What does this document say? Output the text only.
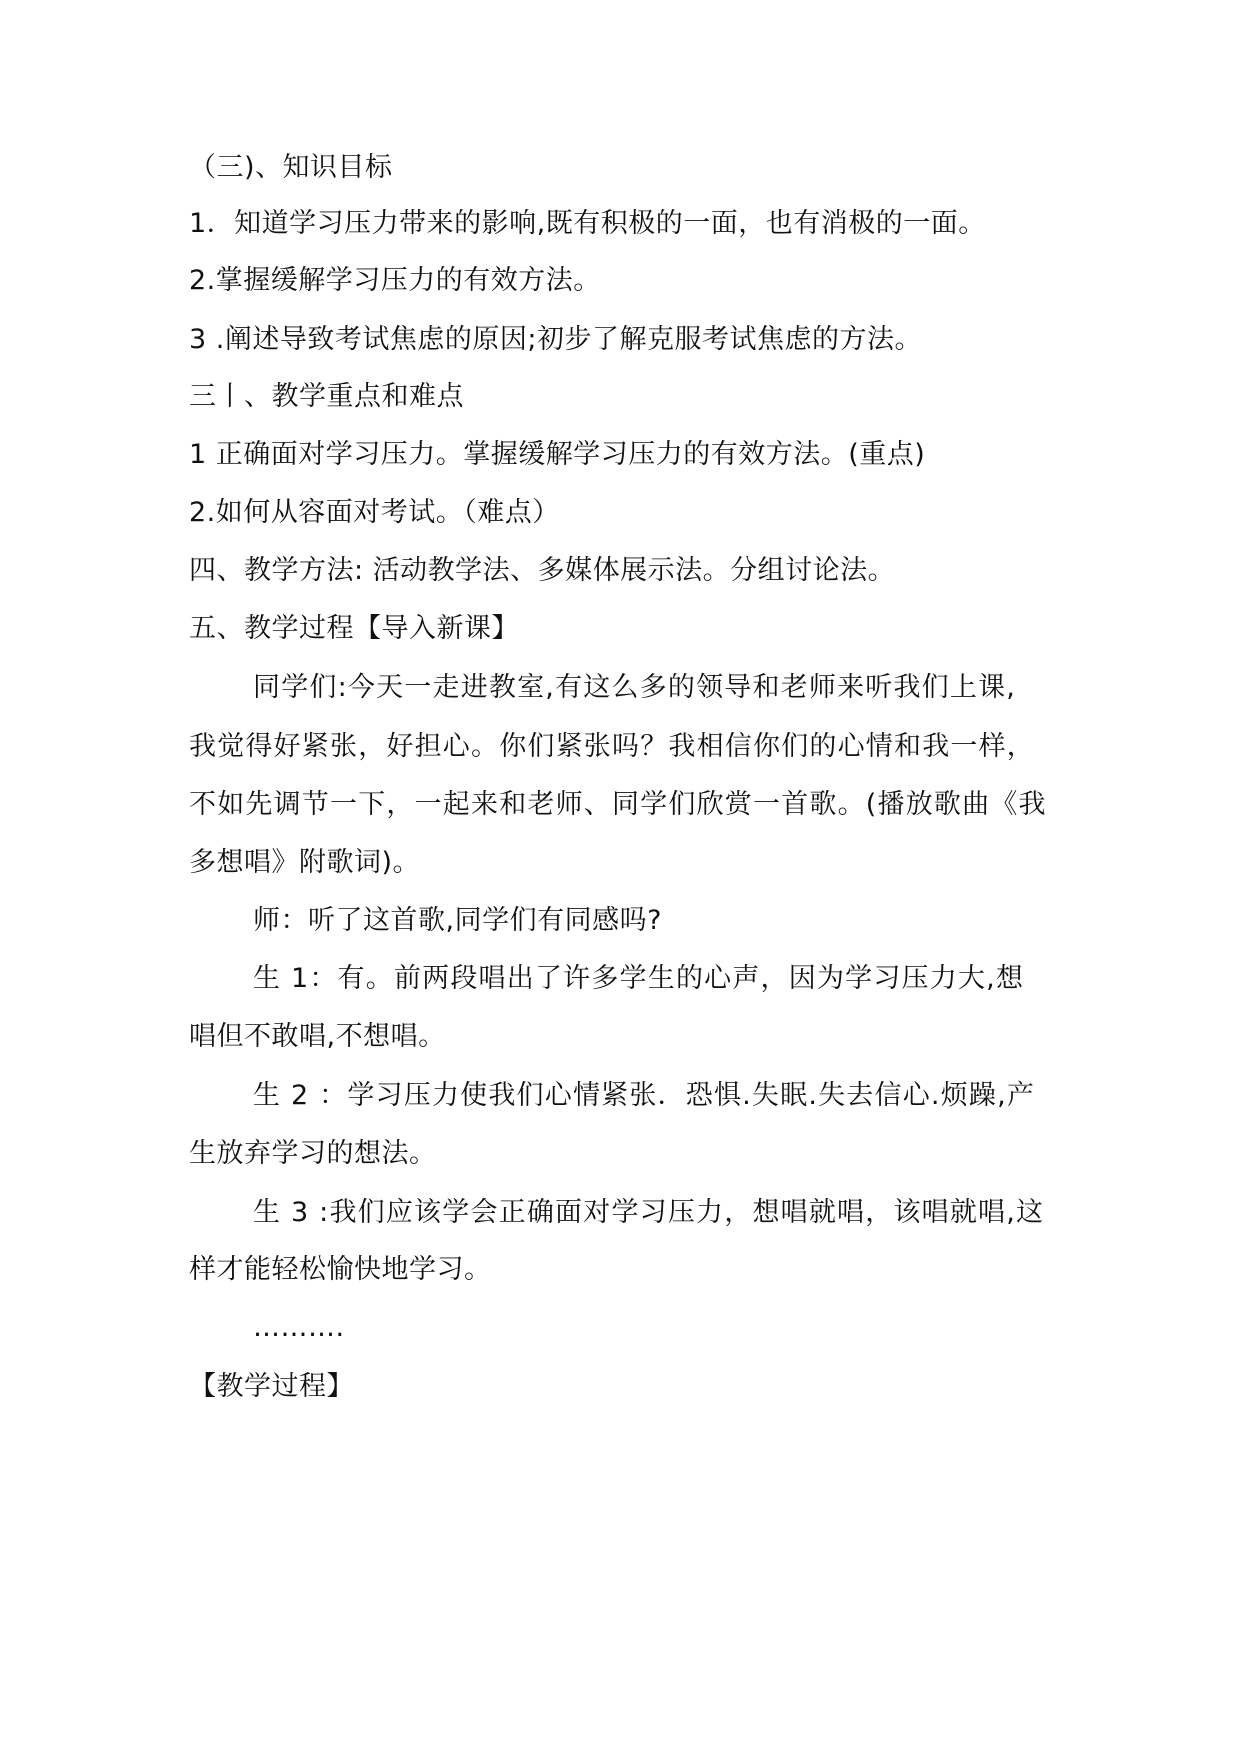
（三)、知识目标
1．知道学习压力带来的影响,既有积极的一面，也有消极的一面。
2.掌握缓解学习压力的有效方法。
3 .阐述导致考试焦虑的原因;初步了解克服考试焦虑的方法。
三丨、教学重点和难点
1 正确面对学习压力。掌握缓解学习压力的有效方法。(重点)
2.如何从容面对考试。（难点）
四、教学方法: 活动教学法、多媒体展示法。分组讨论法。
五、教学过程【导入新课】
同学们:今天一走进教室,有这么多的领导和老师来听我们上课,
我觉得好紧张，好担心。你们紧张吗？我相信你们的心情和我一样，
不如先调节一下，一起来和老师、同学们欣赏一首歌。(播放歌曲《我
多想唱》附歌词)。
师：听了这首歌,同学们有同感吗?
生 1：有。前两段唱出了许多学生的心声，因为学习压力大,想
唱但不敢唱,不想唱。
生 2 ：学习压力使我们心情紧张．恐惧.失眠.失去信心.烦躁,产
生放弃学习的想法。
生 3 :我们应该学会正确面对学习压力，想唱就唱，该唱就唱,这
样才能轻松愉快地学习。
……….
【教学过程】
